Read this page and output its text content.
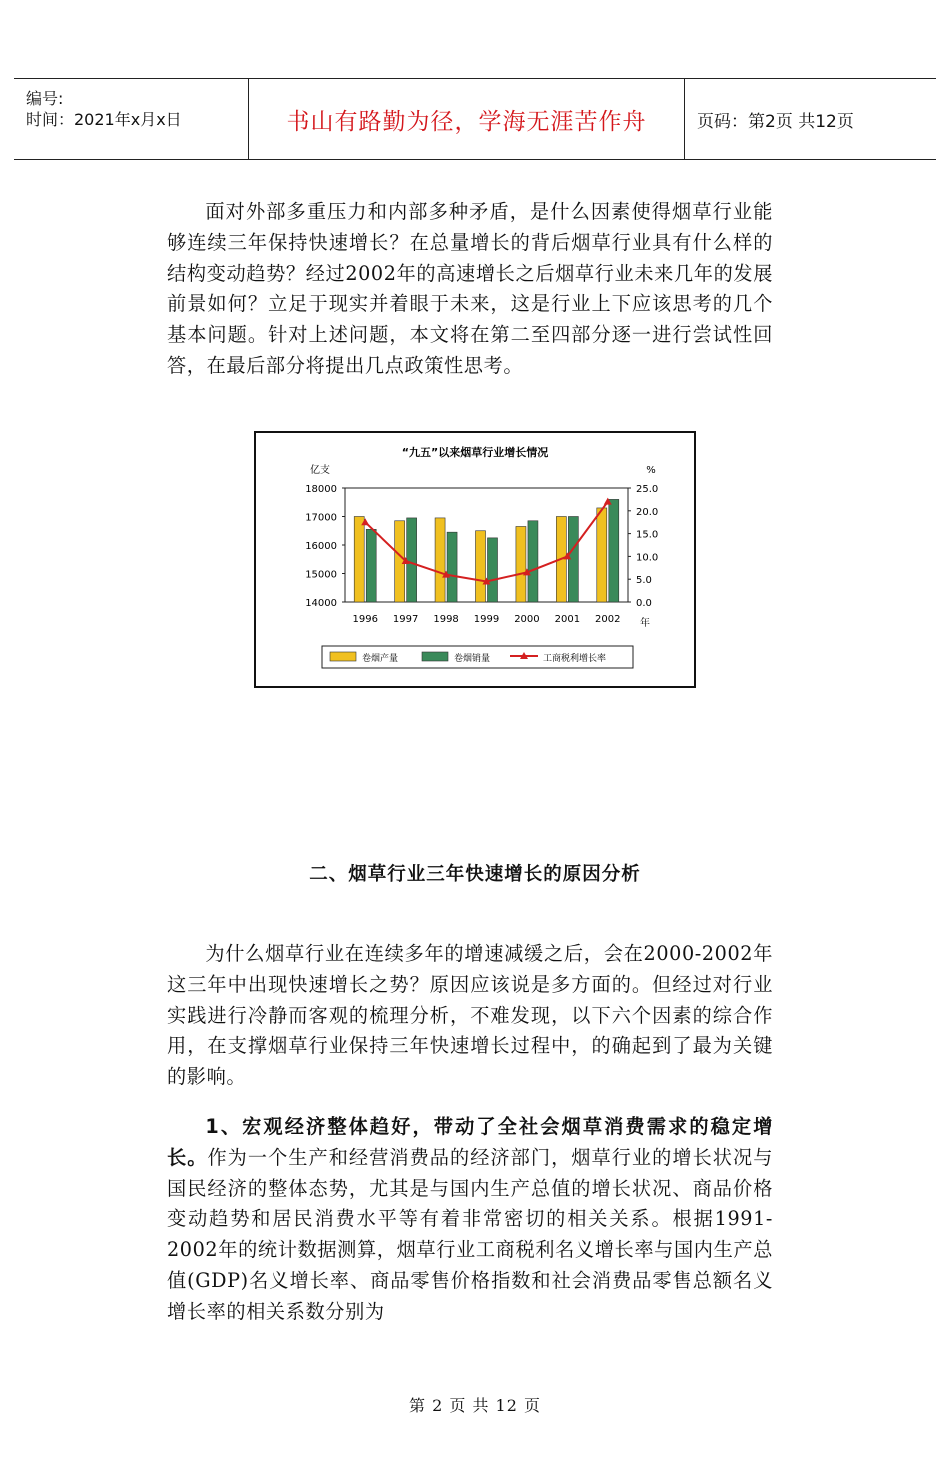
编号:
时间：2021年x月x日	书山有路勤为径，学海无涯苦作舟	页码：第2页 共12页

面对外部多重压力和内部多种矛盾，是什么因素使得烟草行业能够连续三年保持快速增长？在总量增长的背后烟草行业具有什么样的结构变动趋势？经过2002年的高速增长之后烟草行业未来几年的发展前景如何？立足于现实并着眼于未来，这是行业上下应该思考的几个基本问题。针对上述问题，本文将在第二至四部分逐一进行尝试性回答，在最后部分将提出几点政策性思考。

“九五”以来烟草行业增长情况
亿支	%
18000
17000
16000
15000
14000
25.0
20.0
15.0
10.0
5.0
0.0
1996 1997 1998 1999 2000 2001 2002 年
卷烟产量	卷烟销量	工商税利增长率
二、烟草行业三年快速增长的原因分析

为什么烟草行业在连续多年的增速减缓之后，会在2000-2002年这三年中出现快速增长之势？原因应该说是多方面的。但经过对行业实践进行冷静而客观的梳理分析，不难发现，以下六个因素的综合作用，在支撑烟草行业保持三年快速增长过程中，的确起到了最为关键的影响。

1、宏观经济整体趋好，带动了全社会烟草消费需求的稳定增长。作为一个生产和经营消费品的经济部门，烟草行业的增长状况与国民经济的整体态势，尤其是与国内生产总值的增长状况、商品价格变动趋势和居民消费水平等有着非常密切的相关关系。根据1991-2002年的统计数据测算，烟草行业工商税利名义增长率与国内生产总值(GDP)名义增长率、商品零售价格指数和社会消费品零售总额名义增长率的相关系数分别为

第 2 页 共 12 页
